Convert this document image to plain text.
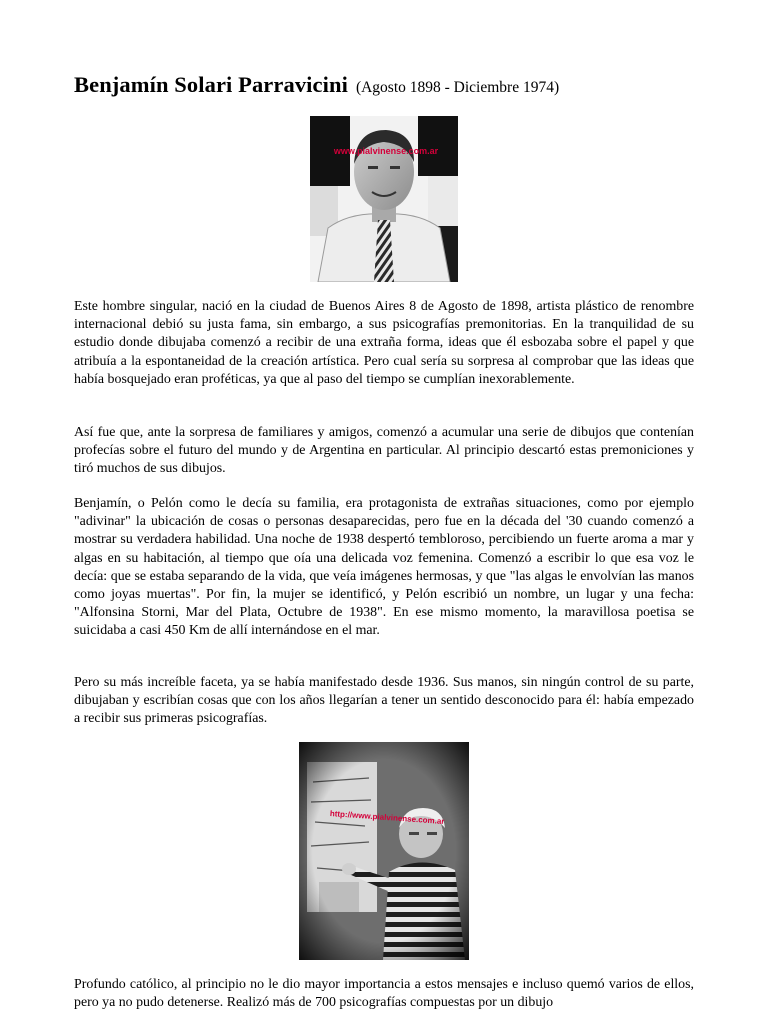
Benjamín Solari Parravicini (Agosto 1898 - Diciembre 1974)
www.pialvinense.com.ar

Este hombre singular, nació en la ciudad de Buenos Aires 8 de Agosto de 1898, artista plástico de renombre internacional debió su justa fama, sin embargo, a sus psicografías premonitorias. En la tranquilidad de su estudio donde dibujaba comenzó a recibir de una extraña forma, ideas que él esbozaba sobre el papel y que atribuía a la espontaneidad de la creación artística. Pero cual sería su sorpresa al comprobar que las ideas que había bosquejado eran proféticas, ya que al paso del tiempo se cumplían inexorablemente.

Así fue que, ante la sorpresa de familiares y amigos, comenzó a acumular una serie de dibujos que contenían profecías sobre el futuro del mundo y de Argentina en particular. Al principio descartó estas premoniciones y tiró muchos de sus dibujos.

Benjamín, o Pelón como le decía su familia, era protagonista de extrañas situaciones, como por ejemplo "adivinar" la ubicación de cosas o personas desaparecidas, pero fue en la década del '30 cuando comenzó a mostrar su verdadera habilidad. Una noche de 1938 despertó tembloroso, percibiendo un fuerte aroma a mar y algas en su habitación, al tiempo que oía una delicada voz femenina. Comenzó a escribir lo que esa voz le decía: que se estaba separando de la vida, que veía imágenes hermosas, y que "las algas le envolvían las manos como joyas muertas". Por fin, la mujer se identificó, y Pelón escribió un nombre, un lugar y una fecha: "Alfonsina Storni, Mar del Plata, Octubre de 1938". En ese mismo momento, la maravillosa poetisa se suicidaba a casi 450 Km de allí internándose en el mar.

Pero su más increíble faceta, ya se había manifestado desde 1936. Sus manos, sin ningún control de su parte, dibujaban y escribían cosas que con los años llegarían a tener un sentido desconocido para él: había empezado a recibir sus primeras psicografías.

Profundo católico, al principio no le dio mayor importancia a estos mensajes e incluso quemó varios de ellos, pero ya no pudo detenerse. Realizó más de 700 psicografías compuestas por un dibujo
